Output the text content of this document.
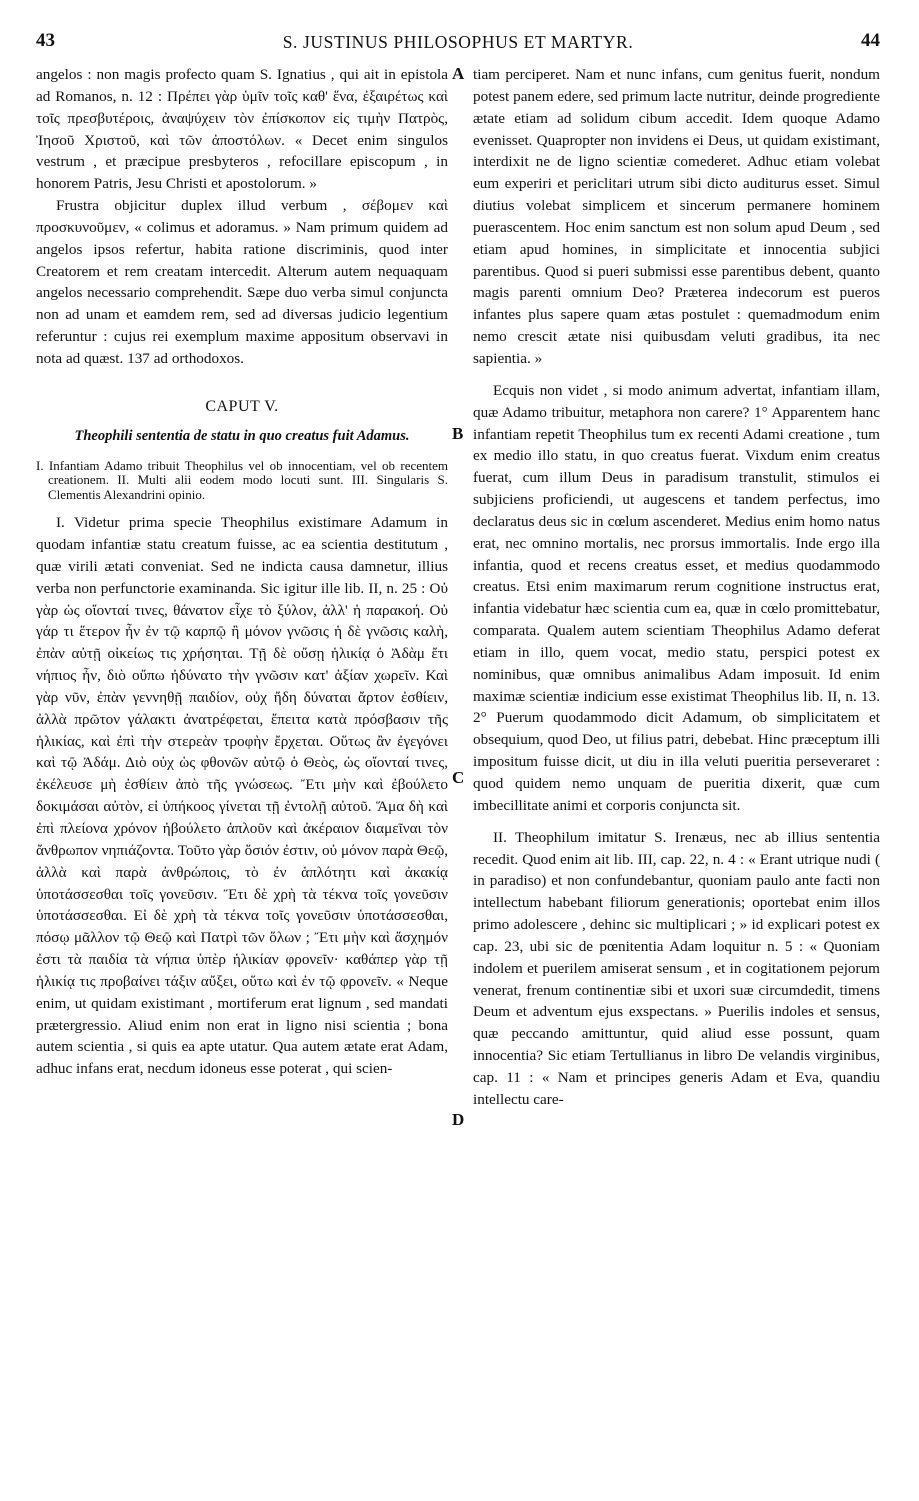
43	S. JUSTINUS PHILOSOPHUS ET MARTYR.	44

angelos : non magis profecto quam S. Ignatius , qui ait in epistola ad Romanos, n. 12 : Πρέπει γὰρ ὑμῖν τοῖς καθ' ἕνα, ἐξαιρέτως καὶ τοῖς πρεσβυτέροις, ἀναψύχειν τὸν ἐπίσκοπον εἰς τιμὴν Πατρὸς, Ἰησοῦ Χριστοῦ, καὶ τῶν ἀποστόλων. « Decet enim singulos vestrum , et præcipue presbyteros , refocillare episcopum , in honorem Patris, Jesu Christi et apostolorum. »

Frustra objicitur duplex illud verbum , σέβομεν καὶ προσκυνοῦμεν, « colimus et adoramus. » Nam primum quidem ad angelos ipsos refertur, habita ratione discriminis, quod inter Creatorem et rem creatam intercedit. Alterum autem nequaquam angelos necessario comprehendit. Sæpe duo verba simul conjuncta non ad unam et eamdem rem, sed ad diversas judicio legentium referuntur : cujus rei exemplum maxime appositum observavi in nota ad quæst. 137 ad orthodoxos.

CAPUT V.

Theophili sententia de statu in quo creatus fuit Adamus.

I. Infantiam Adamo tribuit Theophilus vel ob innocentiam, vel ob recentem creationem. II. Multi alii eodem modo locuti sunt. III. Singularis S. Clementis Alexandrini opinio.

I. Videtur prima specie Theophilus existimare Adamum in quodam infantiæ statu creatum fuisse, ac ea scientia destitutum , quæ virili ætati conveniat. Sed ne indicta causa damnetur, illius verba non perfunctorie examinanda. Sic igitur ille lib. II, n. 25 : Οὐ γὰρ ὡς οἴονταί τινες, θάνατον εἶχε τὸ ξύλον, ἀλλ' ἡ παρακοή. Οὐ γάρ τι ἕτερον ἦν ἐν τῷ καρπῷ ἢ μόνον γνῶσις ἡ δὲ γνῶσις καλὴ, ἐπὰν αὐτῇ οἰκείως τις χρήσηται. Τῇ δὲ οὔσῃ ἡλικίᾳ ὁ Ἀδὰμ ἔτι νήπιος ἦν, διὸ οὔπω ἠδύνατο τὴν γνῶσιν κατ' ἀξίαν χωρεῖν. Καὶ γὰρ νῦν, ἐπὰν γεννηθῇ παιδίον, οὐχ ἤδη δύναται ἄρτον ἐσθίειν, ἀλλὰ πρῶτον γάλακτι ἀνατρέφεται, ἔπειτα κατὰ πρόσβασιν τῆς ἡλικίας, καὶ ἐπὶ τὴν στερεὰν τροφὴν ἔρχεται. Οὕτως ἂν ἐγεγόνει καὶ τῷ Ἀδάμ. Διὸ οὐχ ὡς φθονῶν αὐτῷ ὁ Θεὸς, ὡς οἴονταί τινες, ἐκέλευσε μὴ ἐσθίειν ἀπὸ τῆς γνώσεως. Ἔτι μὴν καὶ ἐβούλετο δοκιμάσαι αὐτὸν, εἰ ὑπήκοος γίνεται τῇ ἐντολῇ αὐτοῦ. Ἅμα δὴ καὶ ἐπὶ πλείονα χρόνον ἠβούλετο ἁπλοῦν καὶ ἀκέραιον διαμεῖναι τὸν ἄνθρωπον νηπιάζοντα. Τοῦτο γὰρ ὅσιόν ἐστιν, οὐ μόνον παρὰ Θεῷ, ἀλλὰ καὶ παρὰ ἀνθρώποις, τὸ ἐν ἁπλότητι καὶ ἀκακίᾳ ὑποτάσσεσθαι τοῖς γονεῦσιν. Ἔτι δὲ χρὴ τὰ τέκνα τοῖς γονεῦσιν ὑποτάσσεσθαι. Εἰ δὲ χρὴ τὰ τέκνα τοῖς γονεῦσιν ὑποτάσσεσθαι, πόσῳ μᾶλλον τῷ Θεῷ καὶ Πατρὶ τῶν ὅλων ; Ἔτι μὴν καὶ ἄσχημόν ἐστι τὰ παιδία τὰ νήπια ὑπὲρ ἡλικίαν φρονεῖν· καθάπερ γὰρ τῇ ἡλικίᾳ τις προβαίνει τάξιν αὔξει, οὕτω καὶ ἐν τῷ φρονεῖν. « Neque enim, ut quidam existimant , mortiferum erat lignum , sed mandati prætergressio. Aliud enim non erat in ligno nisi scientia ; bona autem scientia , si quis ea apte utatur. Qua autem ætate erat Adam, adhuc infans erat, necdum idoneus esse poterat , qui scien-

A
B
C
D

tiam perciperet. Nam et nunc infans, cum genitus fuerit, nondum potest panem edere, sed primum lacte nutritur, deinde progrediente ætate etiam ad solidum cibum accedit. Idem quoque Adamo evenisset. Quapropter non invidens ei Deus, ut quidam existimant, interdixit ne de ligno scientiæ comederet. Adhuc etiam volebat eum experiri et periclitari utrum sibi dicto auditurus esset. Simul diutius volebat simplicem et sincerum permanere hominem puerascentem. Hoc enim sanctum est non solum apud Deum , sed etiam apud homines, in simplicitate et innocentia subjici parentibus. Quod si pueri submissi esse parentibus debent, quanto magis parenti omnium Deo? Præterea indecorum est pueros infantes plus sapere quam ætas postulet : quemadmodum enim nemo crescit ætate nisi quibusdam veluti gradibus, ita nec sapientia. »

Ecquis non videt , si modo animum advertat, infantiam illam, quæ Adamo tribuitur, metaphora non carere? 1° Apparentem hanc infantiam repetit Theophilus tum ex recenti Adami creatione , tum ex medio illo statu, in quo creatus fuerat. Vixdum enim creatus fuerat, cum illum Deus in paradisum transtulit, stimulos ei subjiciens proficiendi, ut augescens et tandem perfectus, imo declaratus deus sic in cœlum ascenderet. Medius enim homo natus erat, nec omnino mortalis, nec prorsus immortalis. Inde ergo illa infantia, quod et recens creatus esset, et medius quodammodo creatus. Etsi enim maximarum rerum cognitione instructus erat, infantia videbatur hæc scientia cum ea, quæ in cœlo promittebatur, comparata. Qualem autem scientiam Theophilus Adamo deferat etiam in illo, quem vocat, medio statu, perspici potest ex nominibus, quæ omnibus animalibus Adam imposuit. Id enim maximæ scientiæ indicium esse existimat Theophilus lib. II, n. 13. 2° Puerum quodammodo dicit Adamum, ob simplicitatem et obsequium, quod Deo, ut filius patri, debebat. Hinc præceptum illi impositum fuisse dicit, ut diu in illa veluti pueritia perseveraret : quod quidem nemo unquam de pueritia dixerit, quæ cum imbecillitate animi et corporis conjuncta sit.

II. Theophilum imitatur S. Irenæus, nec ab illius sententia recedit. Quod enim ait lib. III, cap. 22, n. 4 : « Erant utrique nudi ( in paradiso) et non confundebantur, quoniam paulo ante facti non intellectum habebant filiorum generationis; oportebat enim illos primo adolescere , dehinc sic multiplicari ; » id explicari potest ex cap. 23, ubi sic de pœnitentia Adam loquitur n. 5 : « Quoniam indolem et puerilem amiserat sensum , et in cogitationem pejorum venerat, frenum continentiæ sibi et uxori suæ circumdedit, timens Deum et adventum ejus exspectans. » Puerilis indoles et sensus, quæ peccando amittuntur, quid aliud esse possunt, quam innocentia? Sic etiam Tertullianus in libro De velandis virginibus, cap. 11 : « Nam et principes generis Adam et Eva, quandiu intellectu care-
